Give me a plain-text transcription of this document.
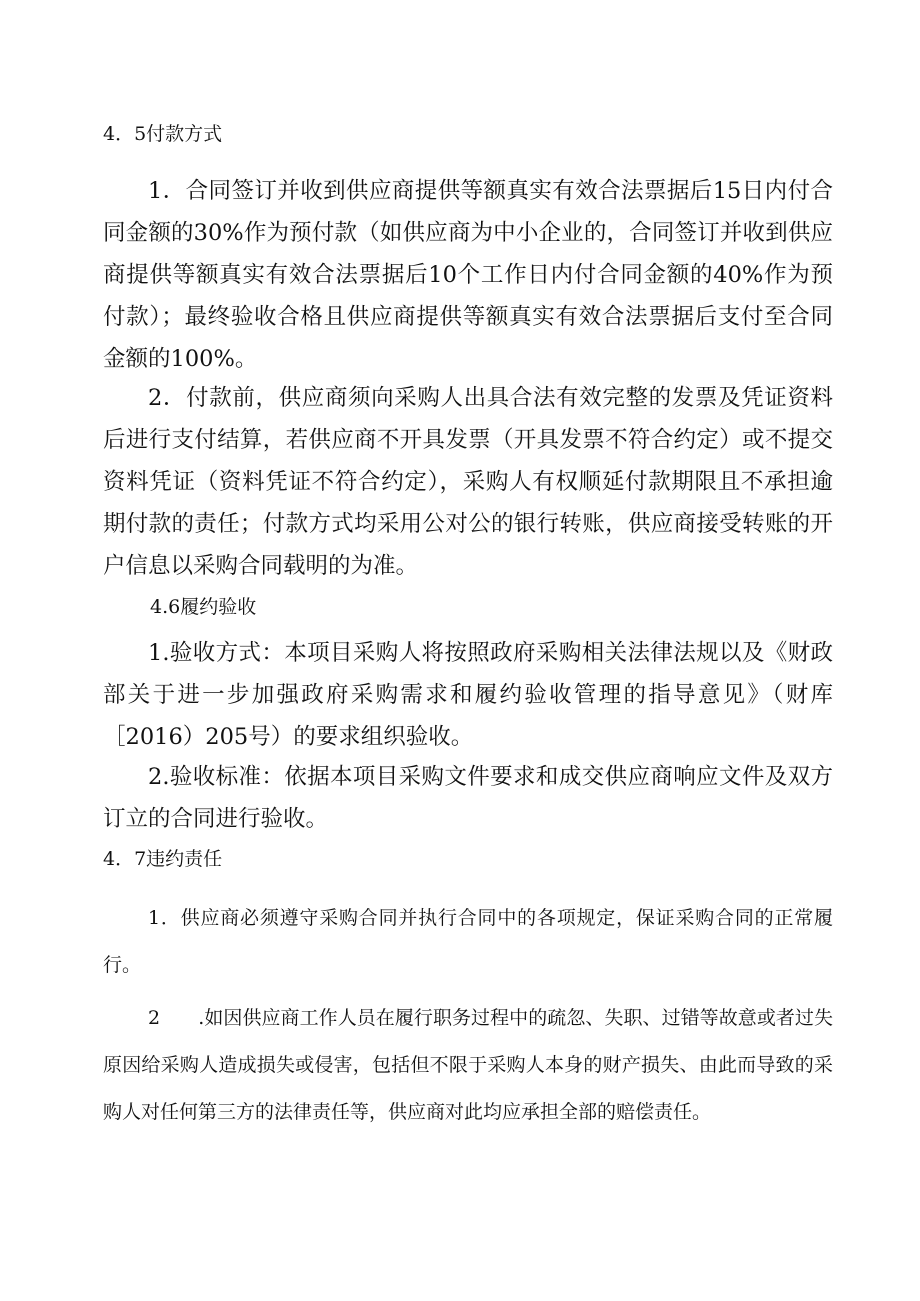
4．5付款方式

1．合同签订并收到供应商提供等额真实有效合法票据后15日内付合同金额的30%作为预付款（如供应商为中小企业的，合同签订并收到供应商提供等额真实有效合法票据后10个工作日内付合同金额的40%作为预付款）；最终验收合格且供应商提供等额真实有效合法票据后支付至合同金额的100%。

2．付款前，供应商须向采购人出具合法有效完整的发票及凭证资料后进行支付结算，若供应商不开具发票（开具发票不符合约定）或不提交资料凭证（资料凭证不符合约定），采购人有权顺延付款期限且不承担逾期付款的责任；付款方式均采用公对公的银行转账，供应商接受转账的开户信息以采购合同载明的为准。

4.6履约验收

1.验收方式：本项目采购人将按照政府采购相关法律法规以及《财政部关于进一步加强政府采购需求和履约验收管理的指导意见》（财库［2016）205号）的要求组织验收。

2.验收标准：依据本项目采购文件要求和成交供应商响应文件及双方订立的合同进行验收。

4．7违约责任

1．供应商必须遵守采购合同并执行合同中的各项规定，保证采购合同的正常履行。

2　　.如因供应商工作人员在履行职务过程中的疏忽、失职、过错等故意或者过失原因给采购人造成损失或侵害，包括但不限于采购人本身的财产损失、由此而导致的采购人对任何第三方的法律责任等，供应商对此均应承担全部的赔偿责任。
